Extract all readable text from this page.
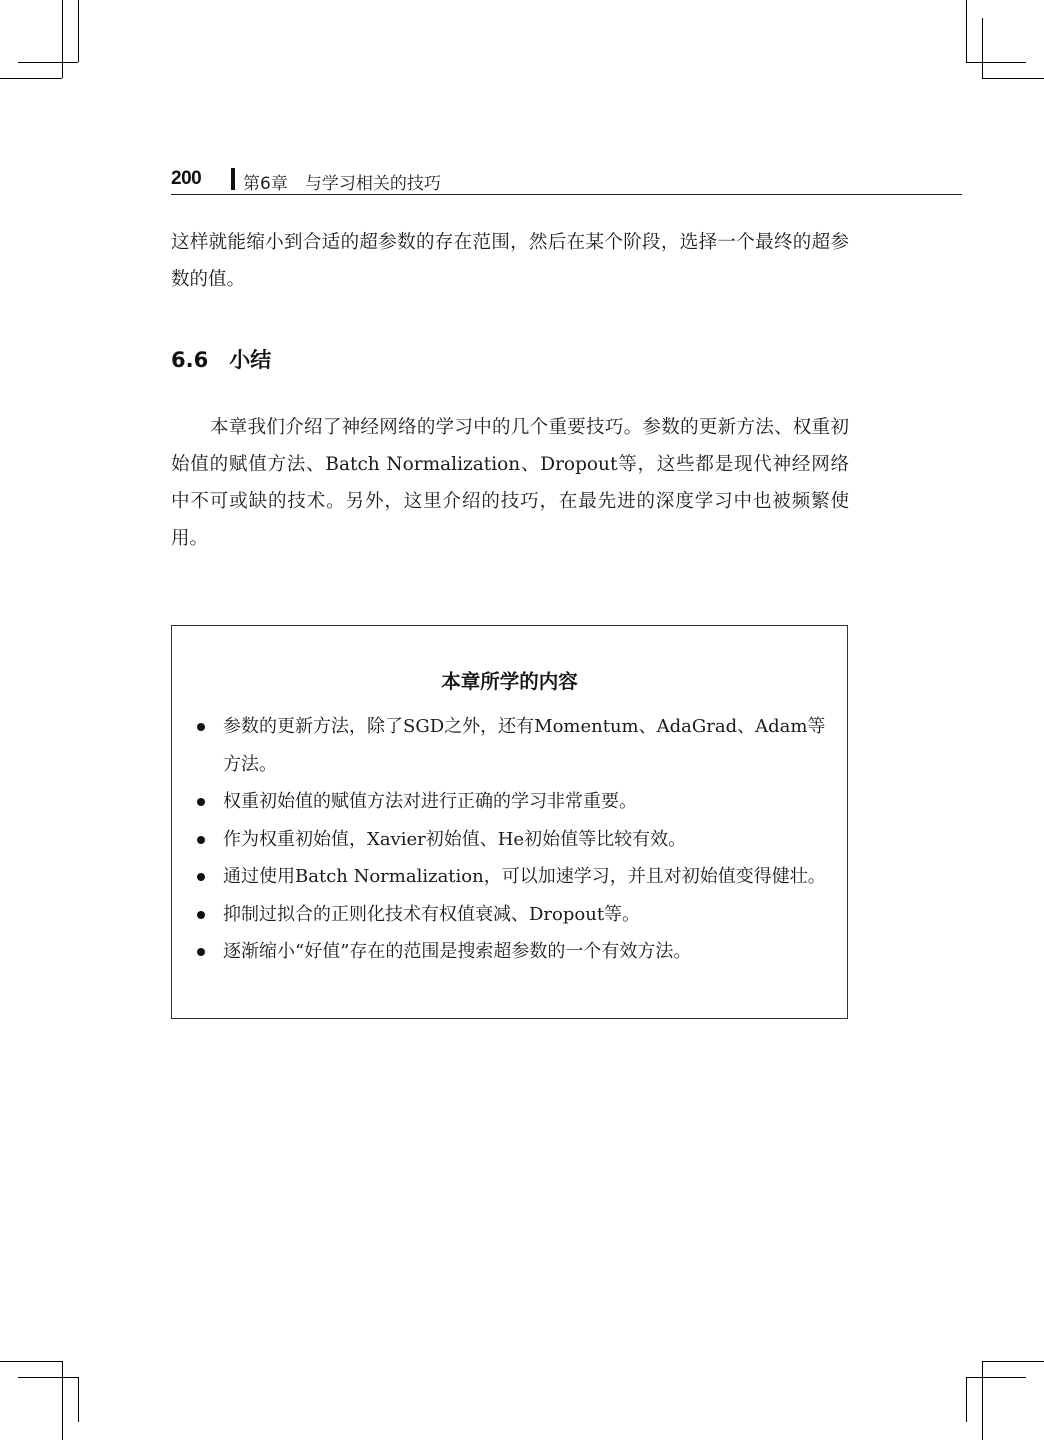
200 第6章　与学习相关的技巧

这样就能缩小到合适的超参数的存在范围，然后在某个阶段，选择一个最终的超参数的值。

6.6　小结

本章我们介绍了神经网络的学习中的几个重要技巧。参数的更新方法、权重初始值的赋值方法、Batch Normalization、Dropout等，这些都是现代神经网络中不可或缺的技术。另外，这里介绍的技巧，在最先进的深度学习中也被频繁使用。

本章所学的内容
参数的更新方法，除了SGD之外，还有Momentum、AdaGrad、Adam等方法。
权重初始值的赋值方法对进行正确的学习非常重要。
作为权重初始值，Xavier初始值、He初始值等比较有效。
通过使用Batch Normalization，可以加速学习，并且对初始值变得健壮。
抑制过拟合的正则化技术有权值衰减、Dropout等。
逐渐缩小“好值”存在的范围是搜索超参数的一个有效方法。
